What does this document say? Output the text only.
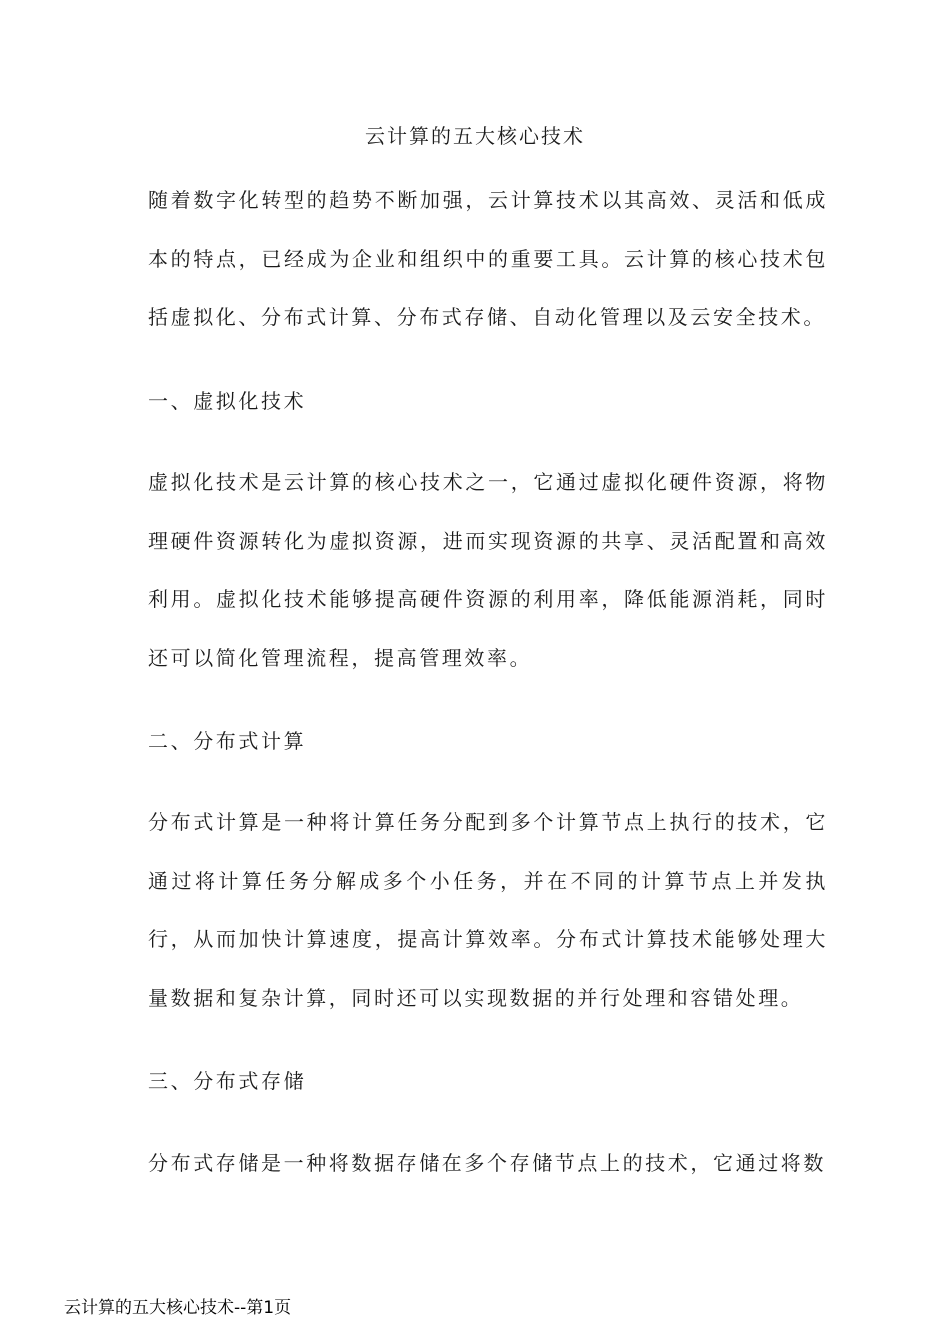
云计算的五大核心技术

随着数字化转型的趋势不断加强，云计算技术以其高效、灵活和低成本的特点，已经成为企业和组织中的重要工具。云计算的核心技术包括虚拟化、分布式计算、分布式存储、自动化管理以及云安全技术。

一、虚拟化技术

虚拟化技术是云计算的核心技术之一，它通过虚拟化硬件资源，将物理硬件资源转化为虚拟资源，进而实现资源的共享、灵活配置和高效利用。虚拟化技术能够提高硬件资源的利用率，降低能源消耗，同时还可以简化管理流程，提高管理效率。

二、分布式计算

分布式计算是一种将计算任务分配到多个计算节点上执行的技术，它通过将计算任务分解成多个小任务，并在不同的计算节点上并发执行，从而加快计算速度，提高计算效率。分布式计算技术能够处理大量数据和复杂计算，同时还可以实现数据的并行处理和容错处理。

三、分布式存储

分布式存储是一种将数据存储在多个存储节点上的技术，它通过将数

云计算的五大核心技术--第1页
